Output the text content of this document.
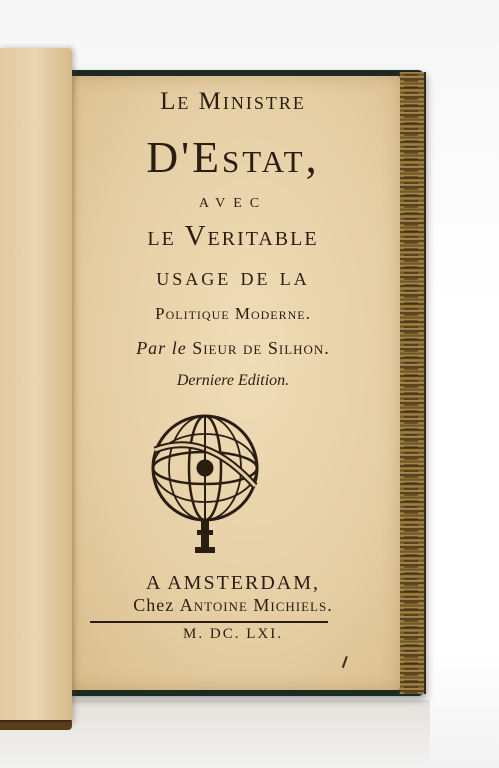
Le Ministre

D'Estat,

avec

le Veritable

usage de la

Politique Moderne.

Par le Sieur de Silhon.

Derniere Edition.

A AMSTERDAM,

Chez Antoine Michiels.

M. DC. LXI.
